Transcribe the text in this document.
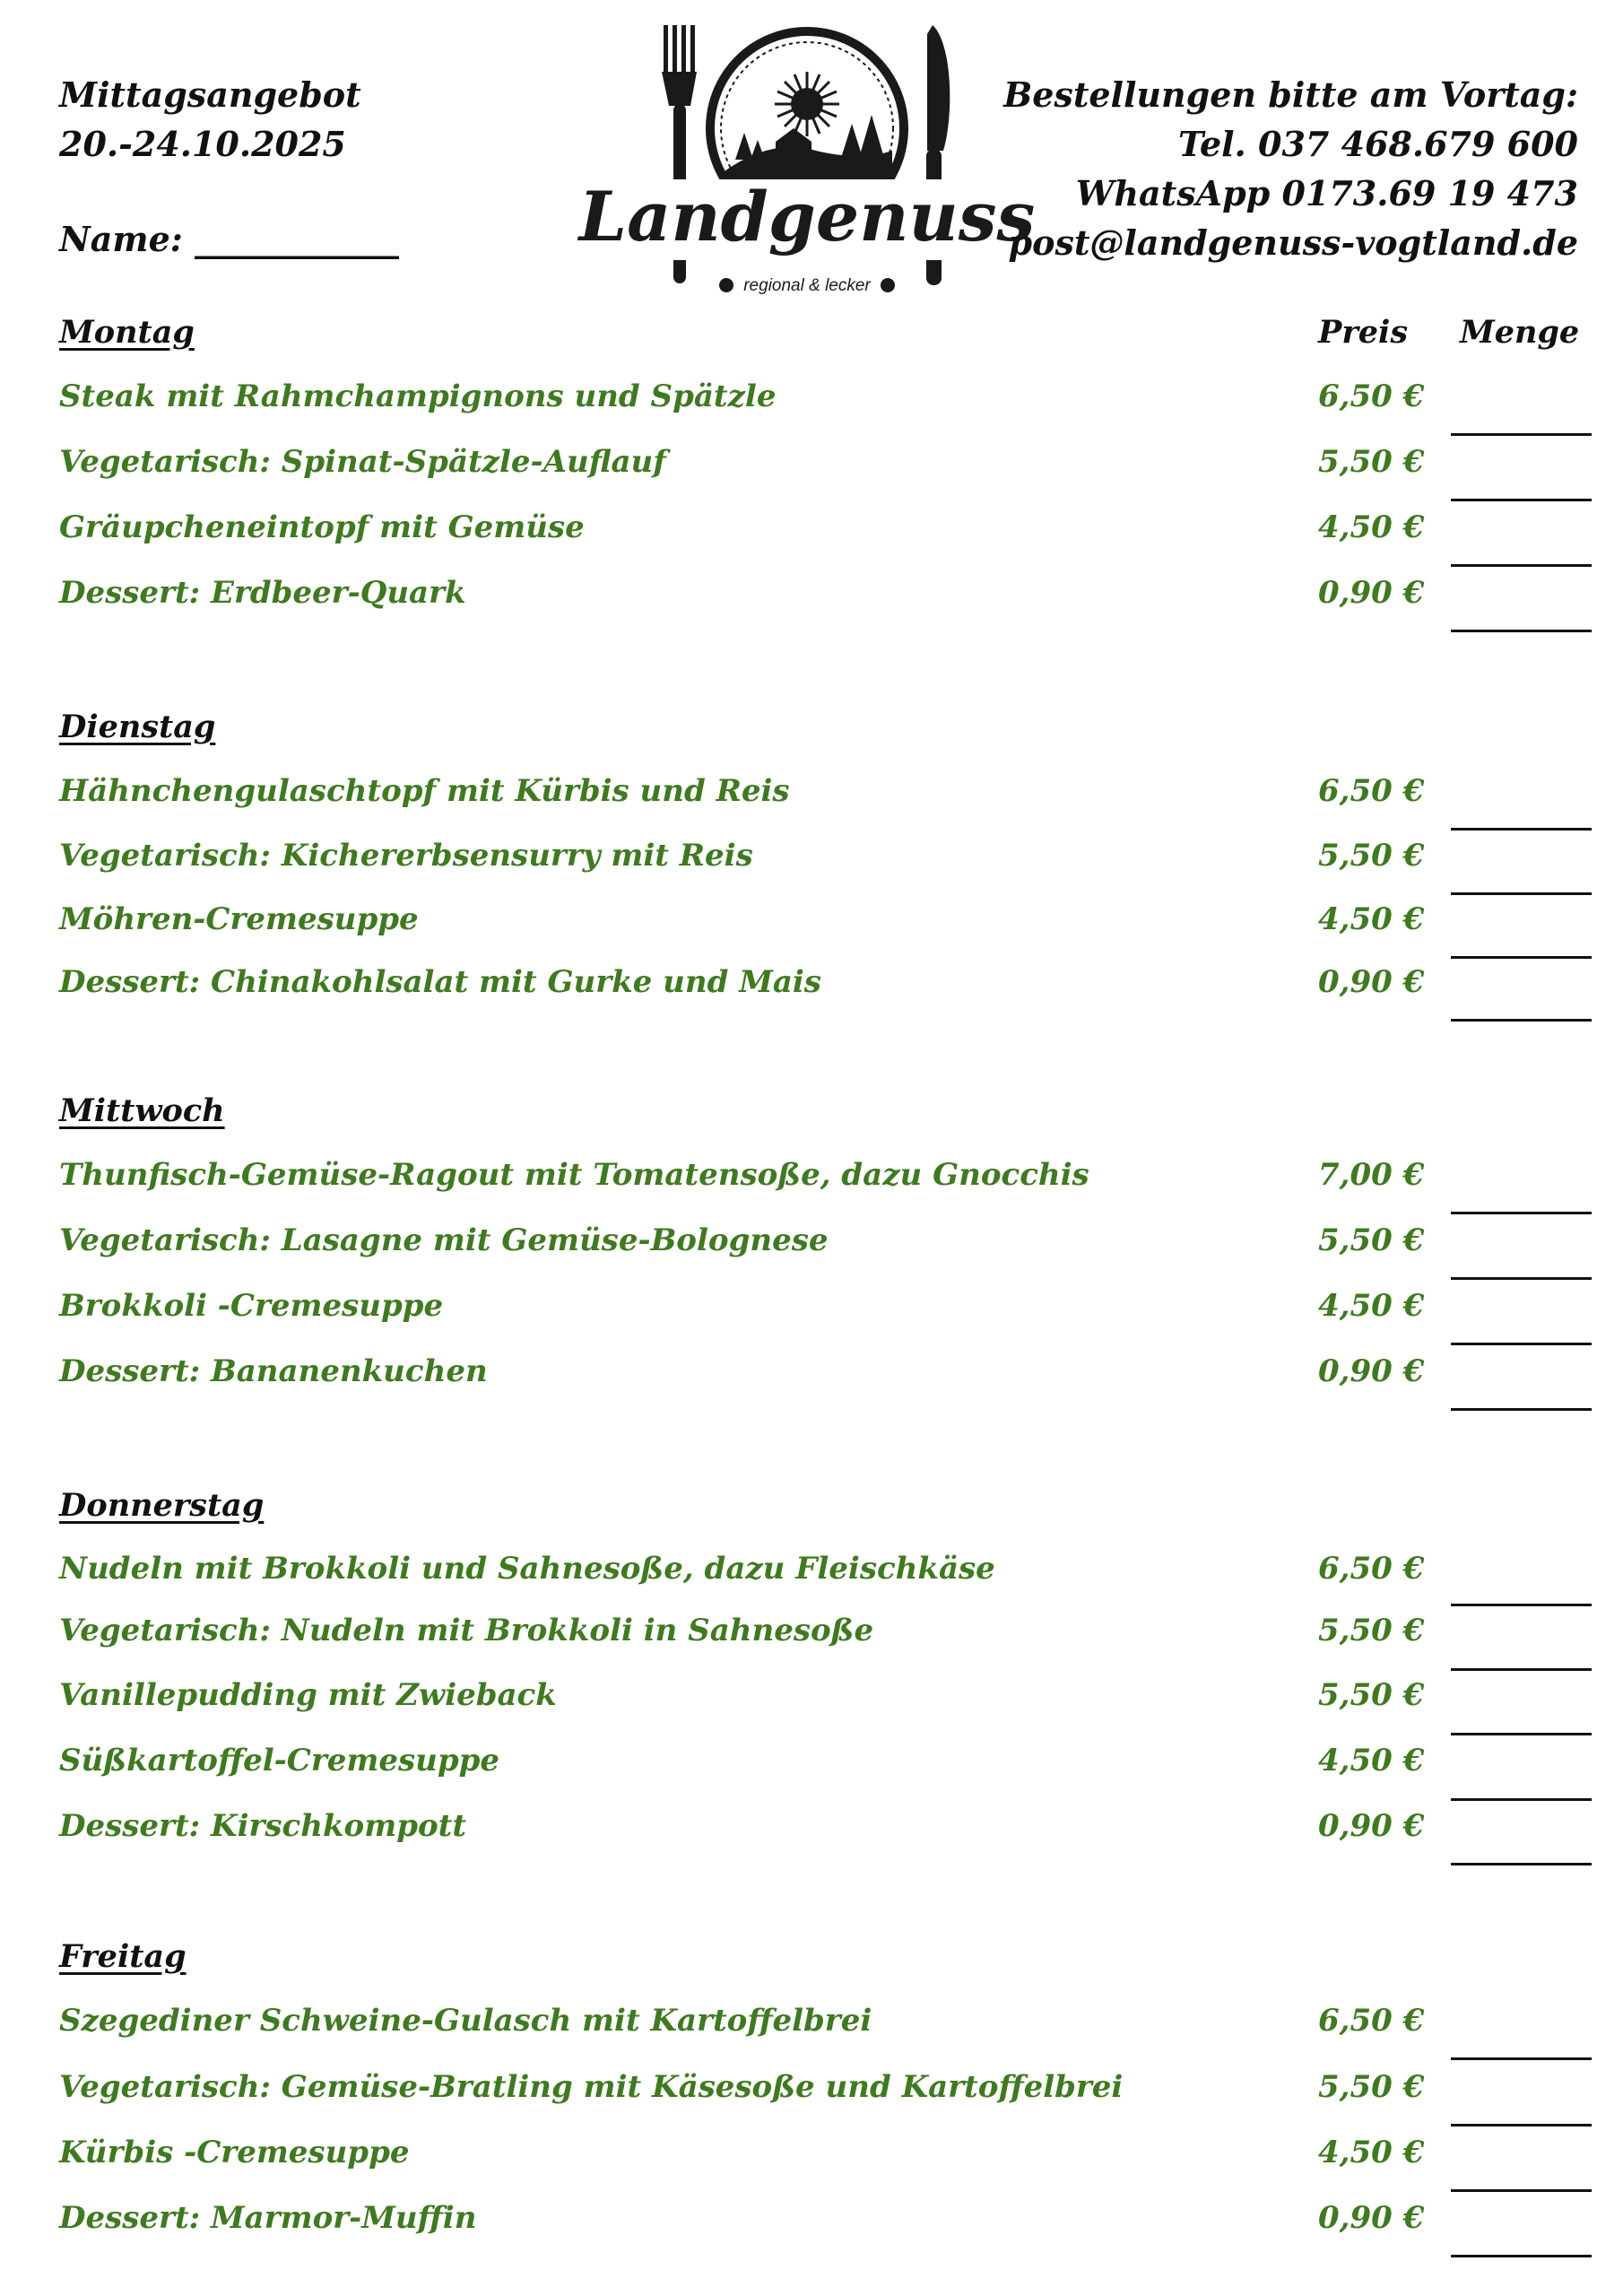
Mittagsangebot
20.-24.10.2025
Name: ____________	Landgenuss
regional & lecker
Bestellungen bitte am Vortag:
Tel. 037 468.679 600
WhatsApp 0173.69 19 473
post@landgenuss-vogtland.de
Preis Menge
Montag
Steak mit Rahmchampignons und Spätzle	6,50 €
Vegetarisch: Spinat-Spätzle-Auflauf	5,50 €
Gräupcheneintopf mit Gemüse	4,50 €
Dessert: Erdbeer-Quark	0,90 €
Dienstag
Hähnchengulaschtopf mit Kürbis und Reis	6,50 €
Vegetarisch: Kichererbsensurry mit Reis	5,50 €
Möhren-Cremesuppe	4,50 €
Dessert: Chinakohlsalat mit Gurke und Mais	0,90 €
Mittwoch
Thunfisch-Gemüse-Ragout mit Tomatensoße, dazu Gnocchis	7,00 €
Vegetarisch: Lasagne mit Gemüse-Bolognese	5,50 €
Brokkoli -Cremesuppe	4,50 €
Dessert: Bananenkuchen	0,90 €
Donnerstag
Nudeln mit Brokkoli und Sahnesoße, dazu Fleischkäse	6,50 €
Vegetarisch: Nudeln mit Brokkoli in Sahnesoße	5,50 €
Vanillepudding mit Zwieback	5,50 €
Süßkartoffel-Cremesuppe	4,50 €
Dessert: Kirschkompott	0,90 €
Freitag
Szegediner Schweine-Gulasch mit Kartoffelbrei	6,50 €
Vegetarisch: Gemüse-Bratling mit Käsesoße und Kartoffelbrei	5,50 €
Kürbis -Cremesuppe	4,50 €
Dessert: Marmor-Muffin	0,90 €
